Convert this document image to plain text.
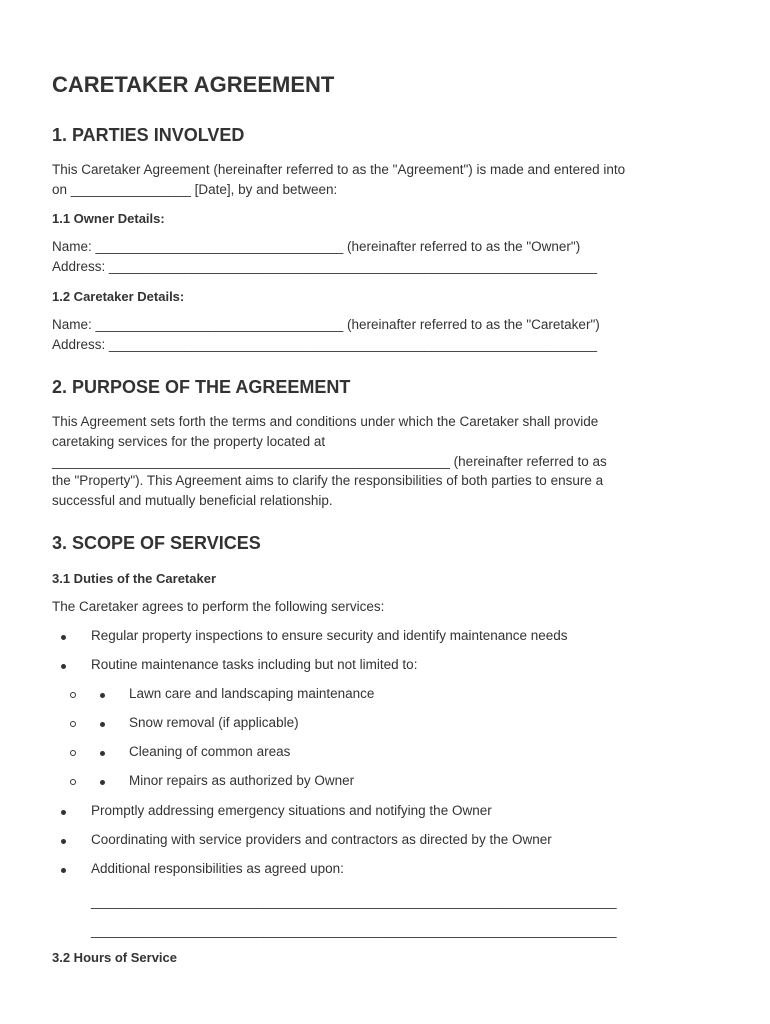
CARETAKER AGREEMENT
1. PARTIES INVOLVED

This Caretaker Agreement (hereinafter referred to as the "Agreement") is made and entered into

on ________________ [Date], by and between:

1.1 Owner Details:

Name: _________________________________ (hereinafter referred to as the "Owner")

Address: _________________________________________________________________

1.2 Caretaker Details:

Name: _________________________________ (hereinafter referred to as the "Caretaker")

Address: _________________________________________________________________

2. PURPOSE OF THE AGREEMENT

This Agreement sets forth the terms and conditions under which the Caretaker shall provide

caretaking services for the property located at

_____________________________________________________ (hereinafter referred to as

the "Property"). This Agreement aims to clarify the responsibilities of both parties to ensure a

successful and mutually beneficial relationship.

3. SCOPE OF SERVICES
3.1 Duties of the Caretaker

The Caretaker agrees to perform the following services:

Regular property inspections to ensure security and identify maintenance needs
Routine maintenance tasks including but not limited to:
Lawn care and landscaping maintenance
Snow removal (if applicable)
Cleaning of common areas
Minor repairs as authorized by Owner
Promptly addressing emergency situations and notifying the Owner
Coordinating with service providers and contractors as directed by the Owner
Additional responsibilities as agreed upon:
______________________________________________________________________
______________________________________________________________________
3.2 Hours of Service
